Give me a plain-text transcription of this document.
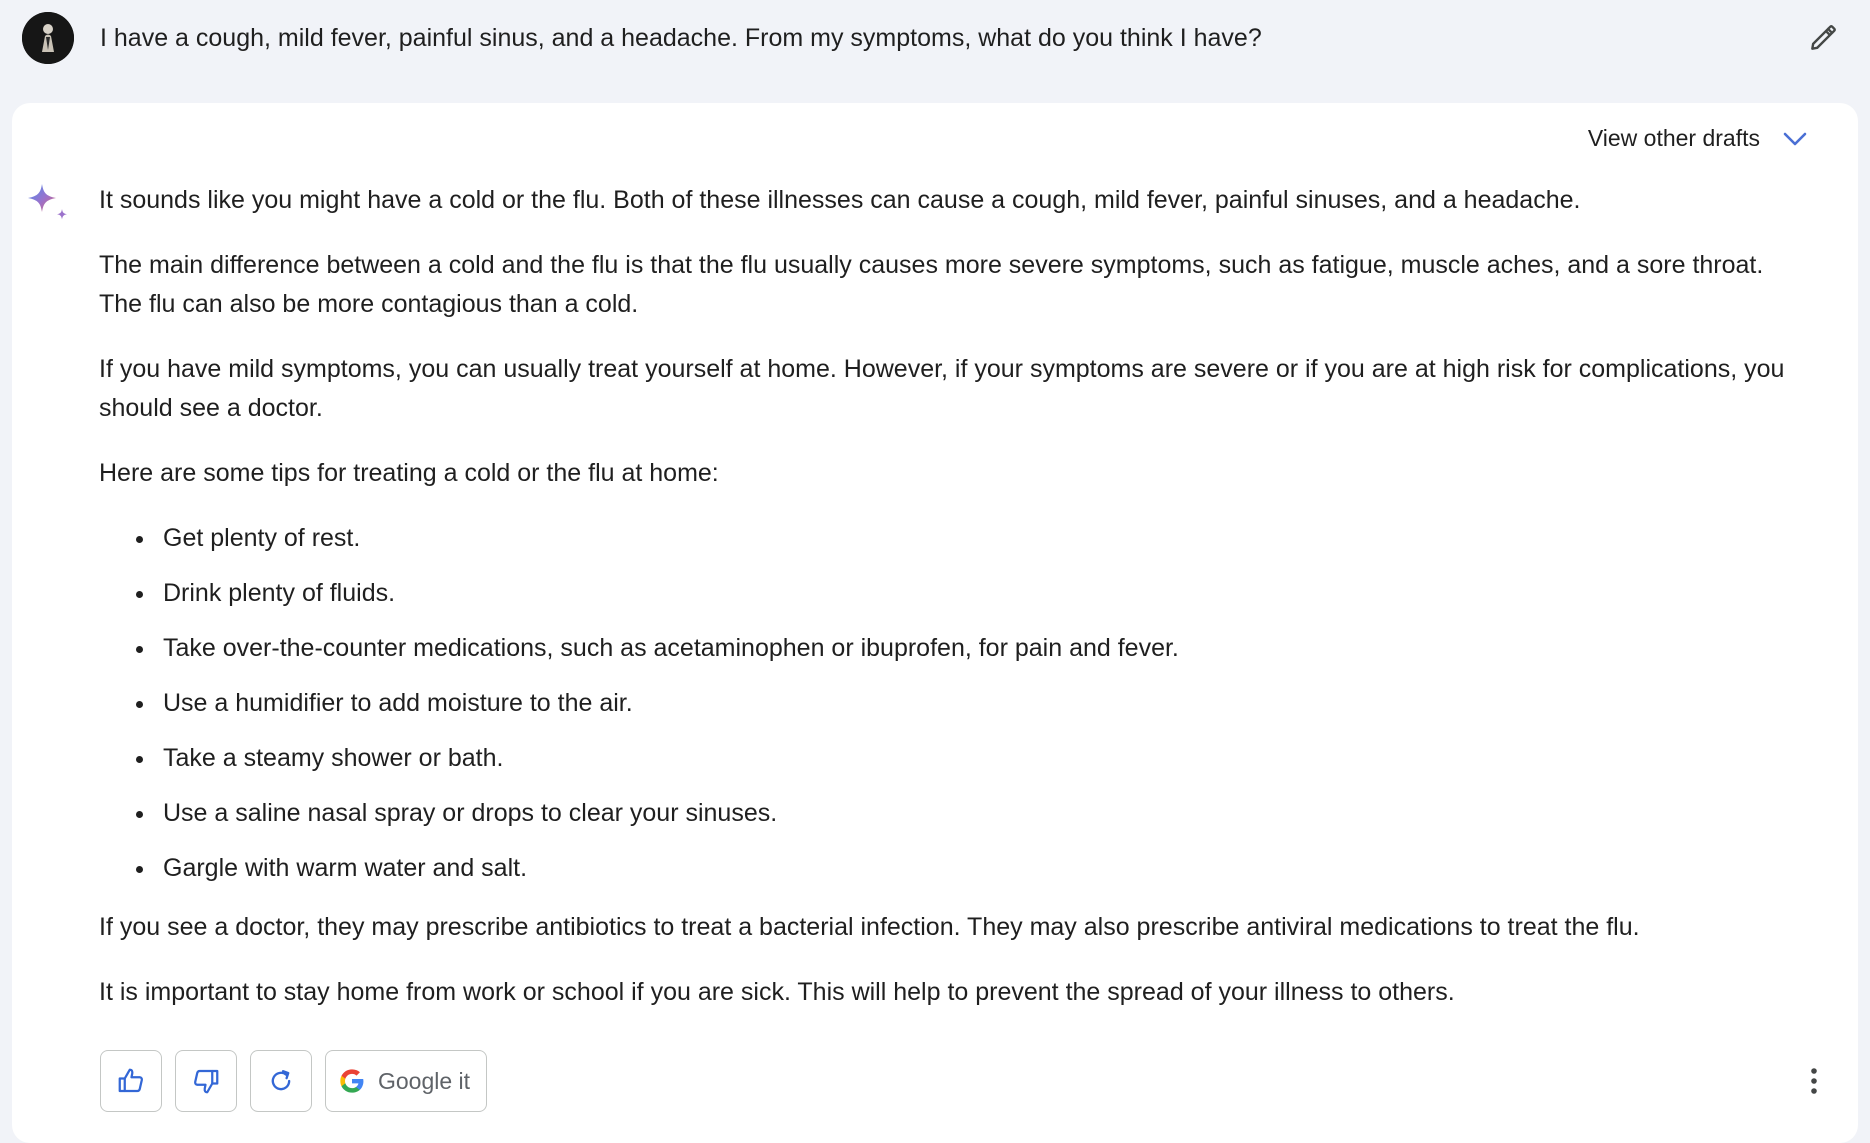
I have a cough, mild fever, painful sinus, and a headache. From my symptoms, what do you think I have?
View other drafts

It sounds like you might have a cold or the flu. Both of these illnesses can cause a cough, mild fever, painful sinuses, and a headache.

The main difference between a cold and the flu is that the flu usually causes more severe symptoms, such as fatigue, muscle aches, and a sore throat. The flu can also be more contagious than a cold.

If you have mild symptoms, you can usually treat yourself at home. However, if your symptoms are severe or if you are at high risk for complications, you should see a doctor.

Here are some tips for treating a cold or the flu at home:

• Get plenty of rest.
• Drink plenty of fluids.
• Take over-the-counter medications, such as acetaminophen or ibuprofen, for pain and fever.
• Use a humidifier to add moisture to the air.
• Take a steamy shower or bath.
• Use a saline nasal spray or drops to clear your sinuses.
• Gargle with warm water and salt.

If you see a doctor, they may prescribe antibiotics to treat a bacterial infection. They may also prescribe antiviral medications to treat the flu.

It is important to stay home from work or school if you are sick. This will help to prevent the spread of your illness to others.

Google it
